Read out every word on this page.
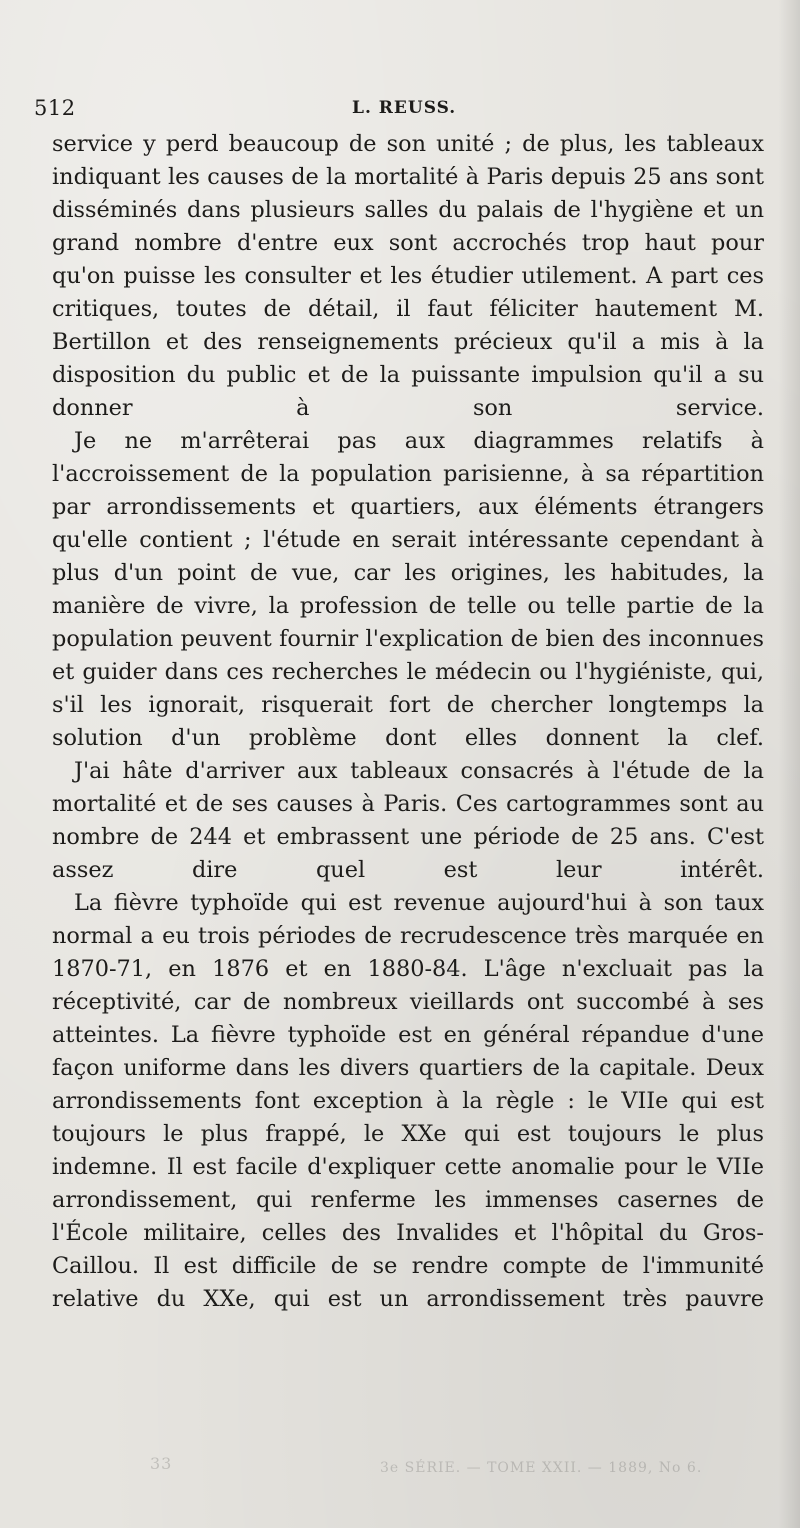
512	L. REUSS.

service y perd beaucoup de son unité ; de plus, les tableaux indiquant les causes de la mortalité à Paris depuis 25 ans sont disséminés dans plusieurs salles du palais de l'hygiène et un grand nombre d'entre eux sont accrochés trop haut pour qu'on puisse les consulter et les étudier utilement. A part ces critiques, toutes de détail, il faut féliciter hautement M. Bertillon et des renseignements précieux qu'il a mis à la disposition du public et de la puissante impulsion qu'il a su donner à son service.

Je ne m'arrêterai pas aux diagrammes relatifs à l'accroissement de la population parisienne, à sa répartition par arrondissements et quartiers, aux éléments étrangers qu'elle contient ; l'étude en serait intéressante cependant à plus d'un point de vue, car les origines, les habitudes, la manière de vivre, la profession de telle ou telle partie de la population peuvent fournir l'explication de bien des inconnues et guider dans ces recherches le médecin ou l'hygiéniste, qui, s'il les ignorait, risquerait fort de chercher longtemps la solution d'un problème dont elles donnent la clef.

J'ai hâte d'arriver aux tableaux consacrés à l'étude de la mortalité et de ses causes à Paris. Ces cartogrammes sont au nombre de 244 et embrassent une période de 25 ans. C'est assez dire quel est leur intérêt.

La fièvre typhoïde qui est revenue aujourd'hui à son taux normal a eu trois périodes de recrudescence très marquée en 1870-71, en 1876 et en 1880-84. L'âge n'excluait pas la réceptivité, car de nombreux vieillards ont succombé à ses atteintes. La fièvre typhoïde est en général répandue d'une façon uniforme dans les divers quartiers de la capitale. Deux arrondissements font exception à la règle : le VIIe qui est toujours le plus frappé, le XXe qui est toujours le plus indemne. Il est facile d'expliquer cette anomalie pour le VIIe arrondissement, qui renferme les immenses casernes de l'École militaire, celles des Invalides et l'hôpital du Gros-Caillou. Il est difficile de se rendre compte de l'immunité relative du XXe, qui est un arrondissement très pauvre

33	3e SÉRIE. — TOME XXII. — 1889, No 6.
